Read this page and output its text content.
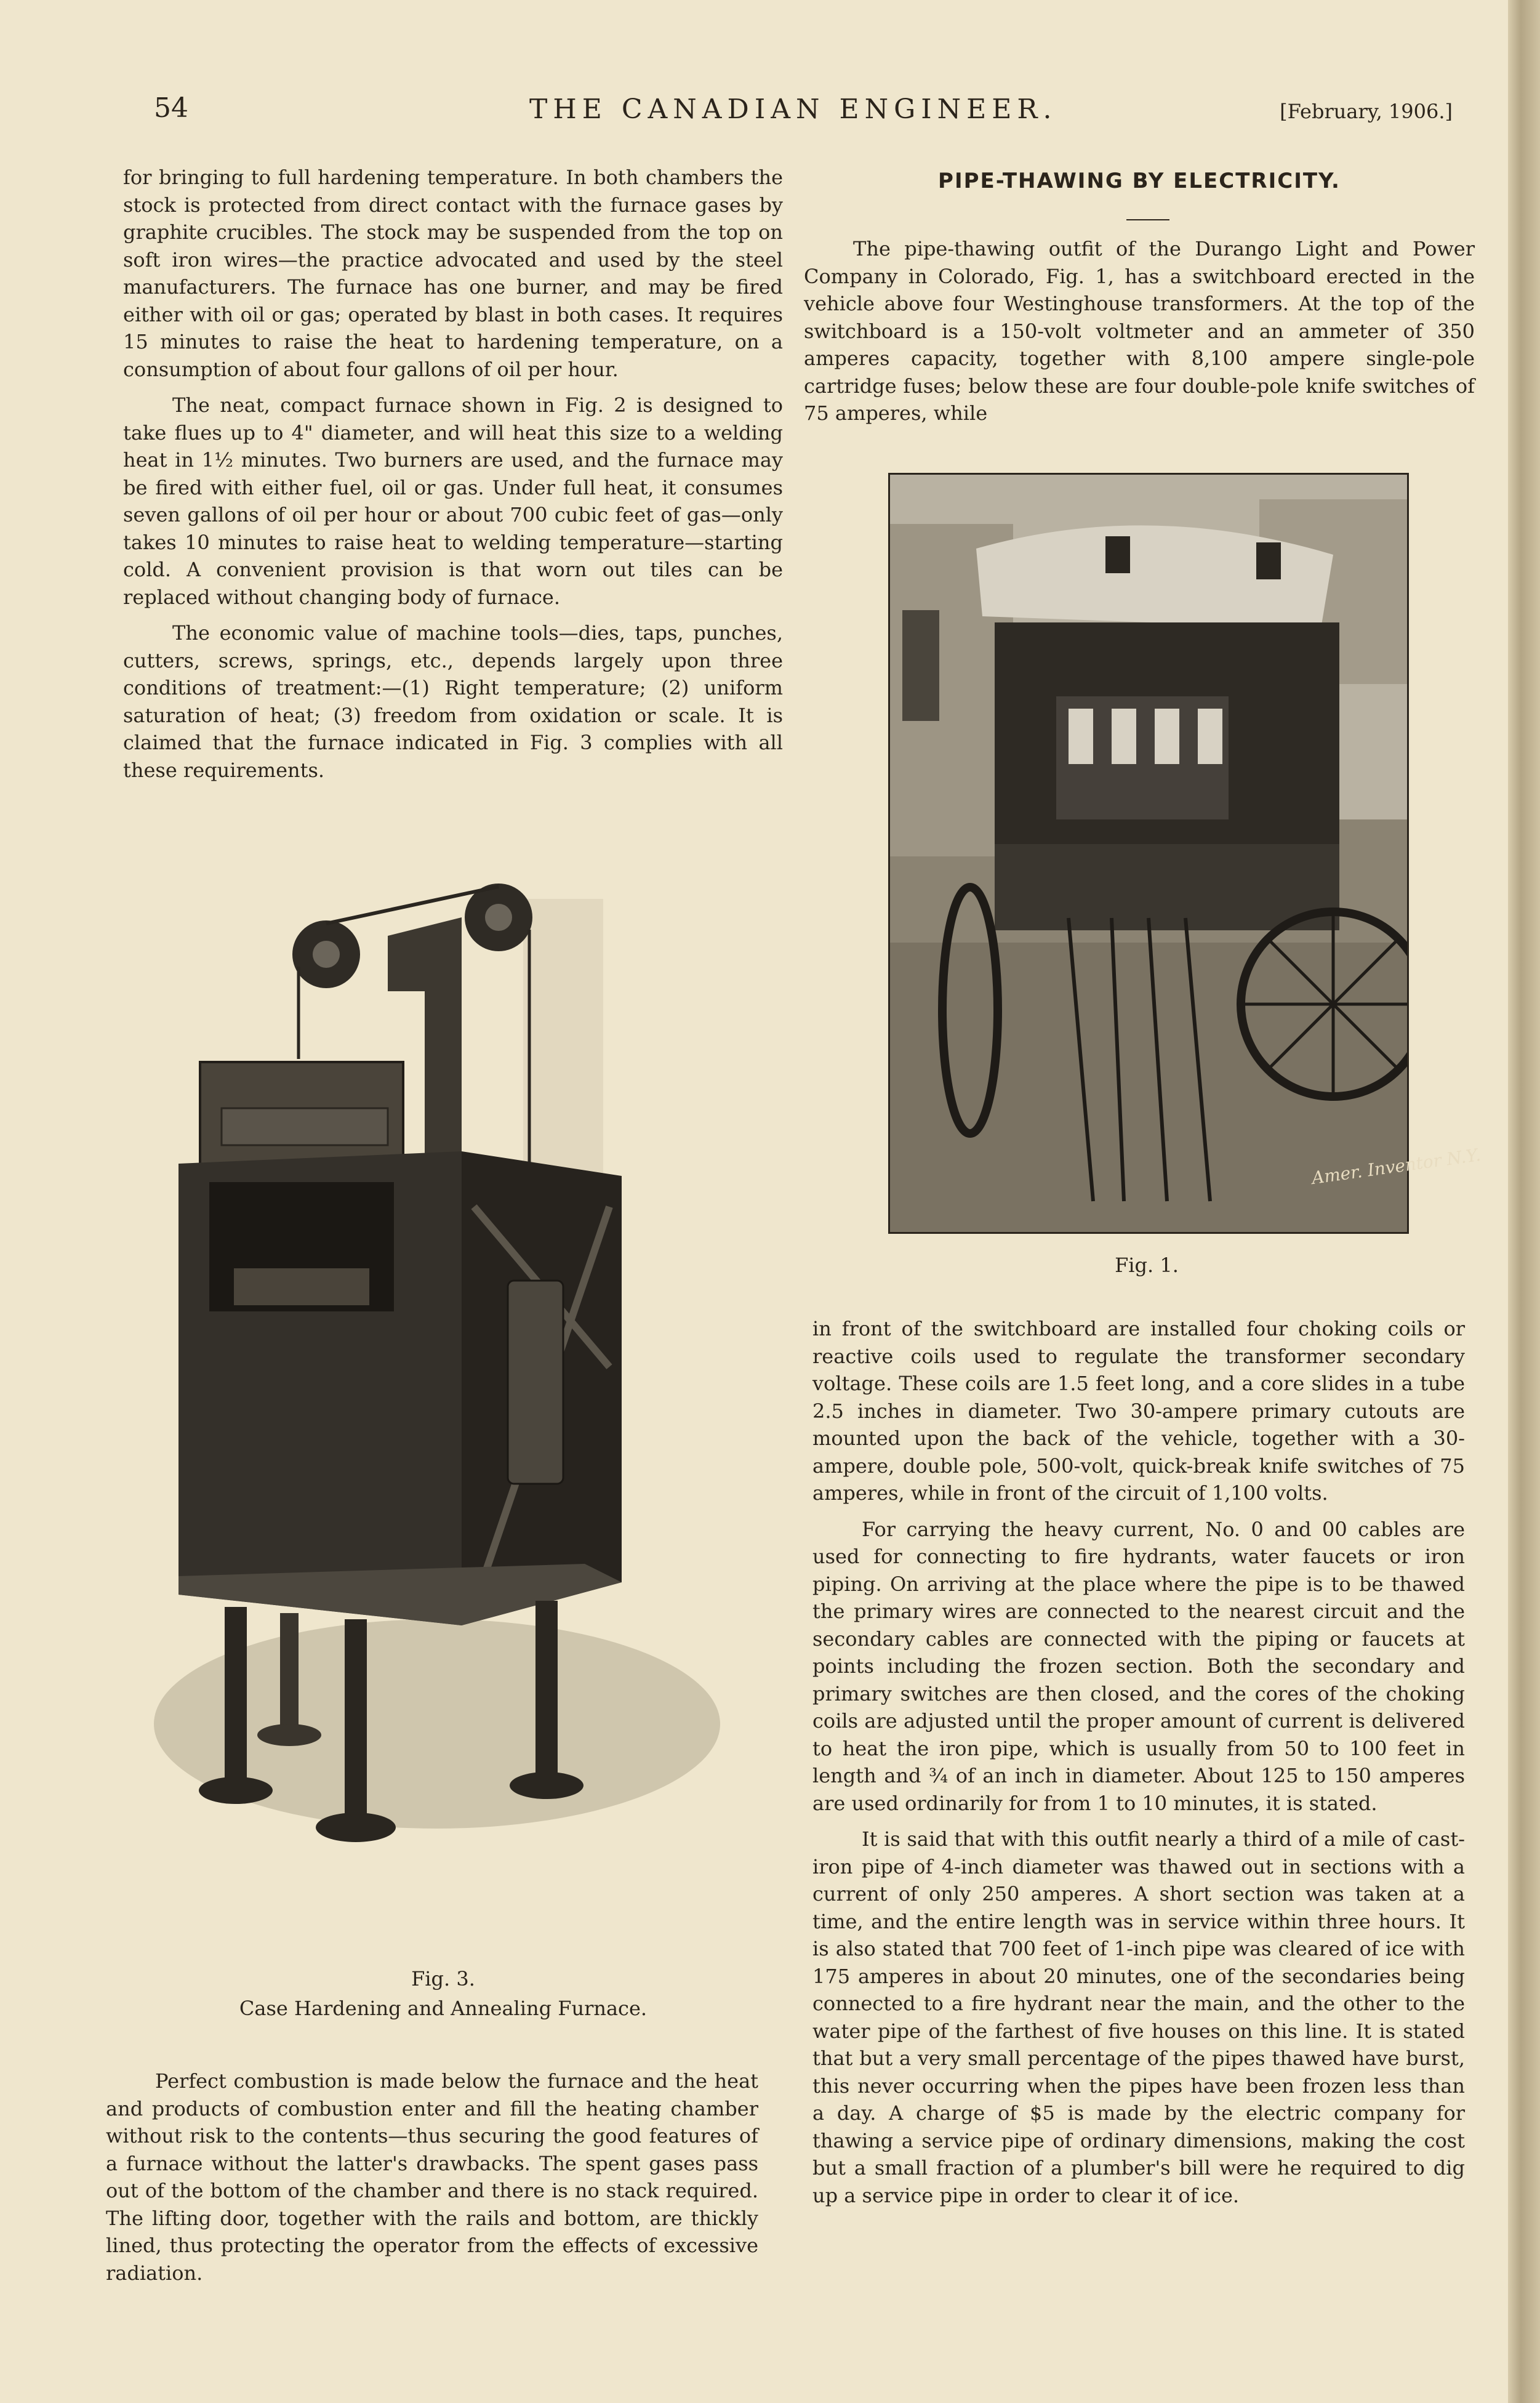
54	THE CANADIAN ENGINEER.	[February, 1906.]

for bringing to full hardening temperature. In both chambers the stock is protected from direct contact with the furnace gases by graphite crucibles. The stock may be suspended from the top on soft iron wires—the practice advocated and used by the steel manufacturers. The furnace has one burner, and may be fired either with oil or gas; operated by blast in both cases. It requires 15 minutes to raise the heat to hardening temperature, on a consumption of about four gallons of oil per hour.

The neat, compact furnace shown in Fig. 2 is designed to take flues up to 4" diameter, and will heat this size to a welding heat in 1½ minutes. Two burners are used, and the furnace may be fired with either fuel, oil or gas. Under full heat, it consumes seven gallons of oil per hour or about 700 cubic feet of gas—only takes 10 minutes to raise heat to welding temperature—starting cold. A convenient provision is that worn out tiles can be replaced without changing body of furnace.

The economic value of machine tools—dies, taps, punches, cutters, screws, springs, etc., depends largely upon three conditions of treatment:—(1) Right temperature; (2) uniform saturation of heat; (3) freedom from oxidation or scale. It is claimed that the furnace indicated in Fig. 3 complies with all these requirements.

Fig. 3.
Case Hardening and Annealing Furnace.

Perfect combustion is made below the furnace and the heat and products of combustion enter and fill the heating chamber without risk to the contents—thus securing the good features of a furnace without the latter's drawbacks. The spent gases pass out of the bottom of the chamber and there is no stack required. The lifting door, together with the rails and bottom, are thickly lined, thus protecting the operator from the effects of excessive radiation.

PIPE-THAWING BY ELECTRICITY.

The pipe-thawing outfit of the Durango Light and Power Company in Colorado, Fig. 1, has a switchboard erected in the vehicle above four Westinghouse transformers. At the top of the switchboard is a 150-volt voltmeter and an ammeter of 350 amperes capacity, together with 8,100 ampere single-pole cartridge fuses; below these are four double-pole knife switches of 75 amperes, while

Amer. Inventor N.Y.
Fig. 1.

in front of the switchboard are installed four choking coils or reactive coils used to regulate the transformer secondary voltage. These coils are 1.5 feet long, and a core slides in a tube 2.5 inches in diameter. Two 30-ampere primary cutouts are mounted upon the back of the vehicle, together with a 30-ampere, double pole, 500-volt, quick-break knife switches of 75 amperes, while in front of the circuit of 1,100 volts.

For carrying the heavy current, No. 0 and 00 cables are used for connecting to fire hydrants, water faucets or iron piping. On arriving at the place where the pipe is to be thawed the primary wires are connected to the nearest circuit and the secondary cables are connected with the piping or faucets at points including the frozen section. Both the secondary and primary switches are then closed, and the cores of the choking coils are adjusted until the proper amount of current is delivered to heat the iron pipe, which is usually from 50 to 100 feet in length and ¾ of an inch in diameter. About 125 to 150 amperes are used ordinarily for from 1 to 10 minutes, it is stated.

It is said that with this outfit nearly a third of a mile of cast-iron pipe of 4-inch diameter was thawed out in sections with a current of only 250 amperes. A short section was taken at a time, and the entire length was in service within three hours. It is also stated that 700 feet of 1-inch pipe was cleared of ice with 175 amperes in about 20 minutes, one of the secondaries being connected to a fire hydrant near the main, and the other to the water pipe of the farthest of five houses on this line. It is stated that but a very small percentage of the pipes thawed have burst, this never occurring when the pipes have been frozen less than a day. A charge of $5 is made by the electric company for thawing a service pipe of ordinary dimensions, making the cost but a small fraction of a plumber's bill were he required to dig up a service pipe in order to clear it of ice.
